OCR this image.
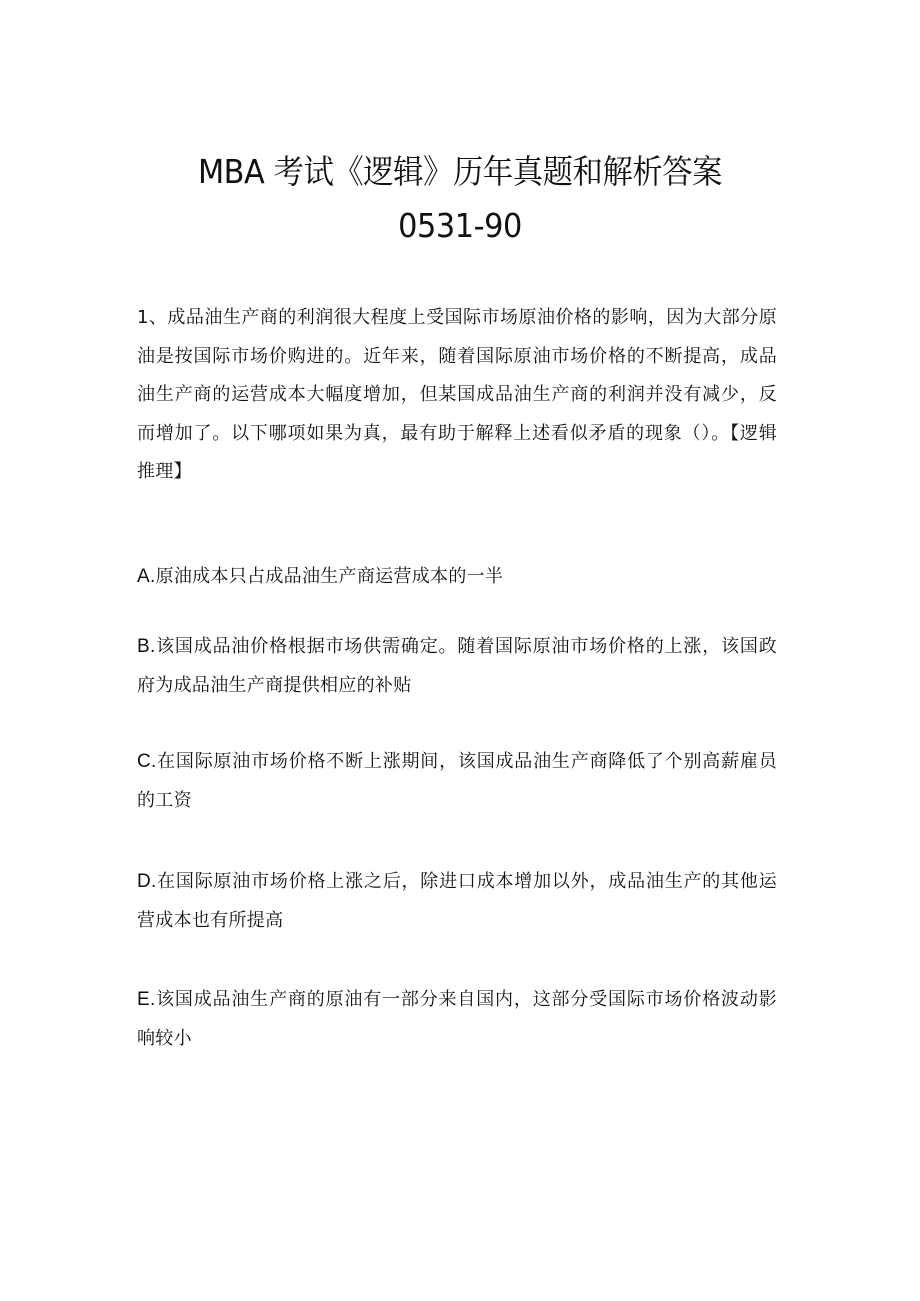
MBA 考试《逻辑》历年真题和解析答案
0531-90

1、成品油生产商的利润很大程度上受国际市场原油价格的影响，因为大部分原油是按国际市场价购进的。近年来，随着国际原油市场价格的不断提高，成品油生产商的运营成本大幅度增加，但某国成品油生产商的利润并没有减少，反而增加了。以下哪项如果为真，最有助于解释上述看似矛盾的现象（）。【逻辑推理】

A.原油成本只占成品油生产商运营成本的一半

B.该国成品油价格根据市场供需确定。随着国际原油市场价格的上涨，该国政府为成品油生产商提供相应的补贴

C.在国际原油市场价格不断上涨期间，该国成品油生产商降低了个别高薪雇员的工资

D.在国际原油市场价格上涨之后，除进口成本增加以外，成品油生产的其他运营成本也有所提高

E.该国成品油生产商的原油有一部分来自国内，这部分受国际市场价格波动影响较小
